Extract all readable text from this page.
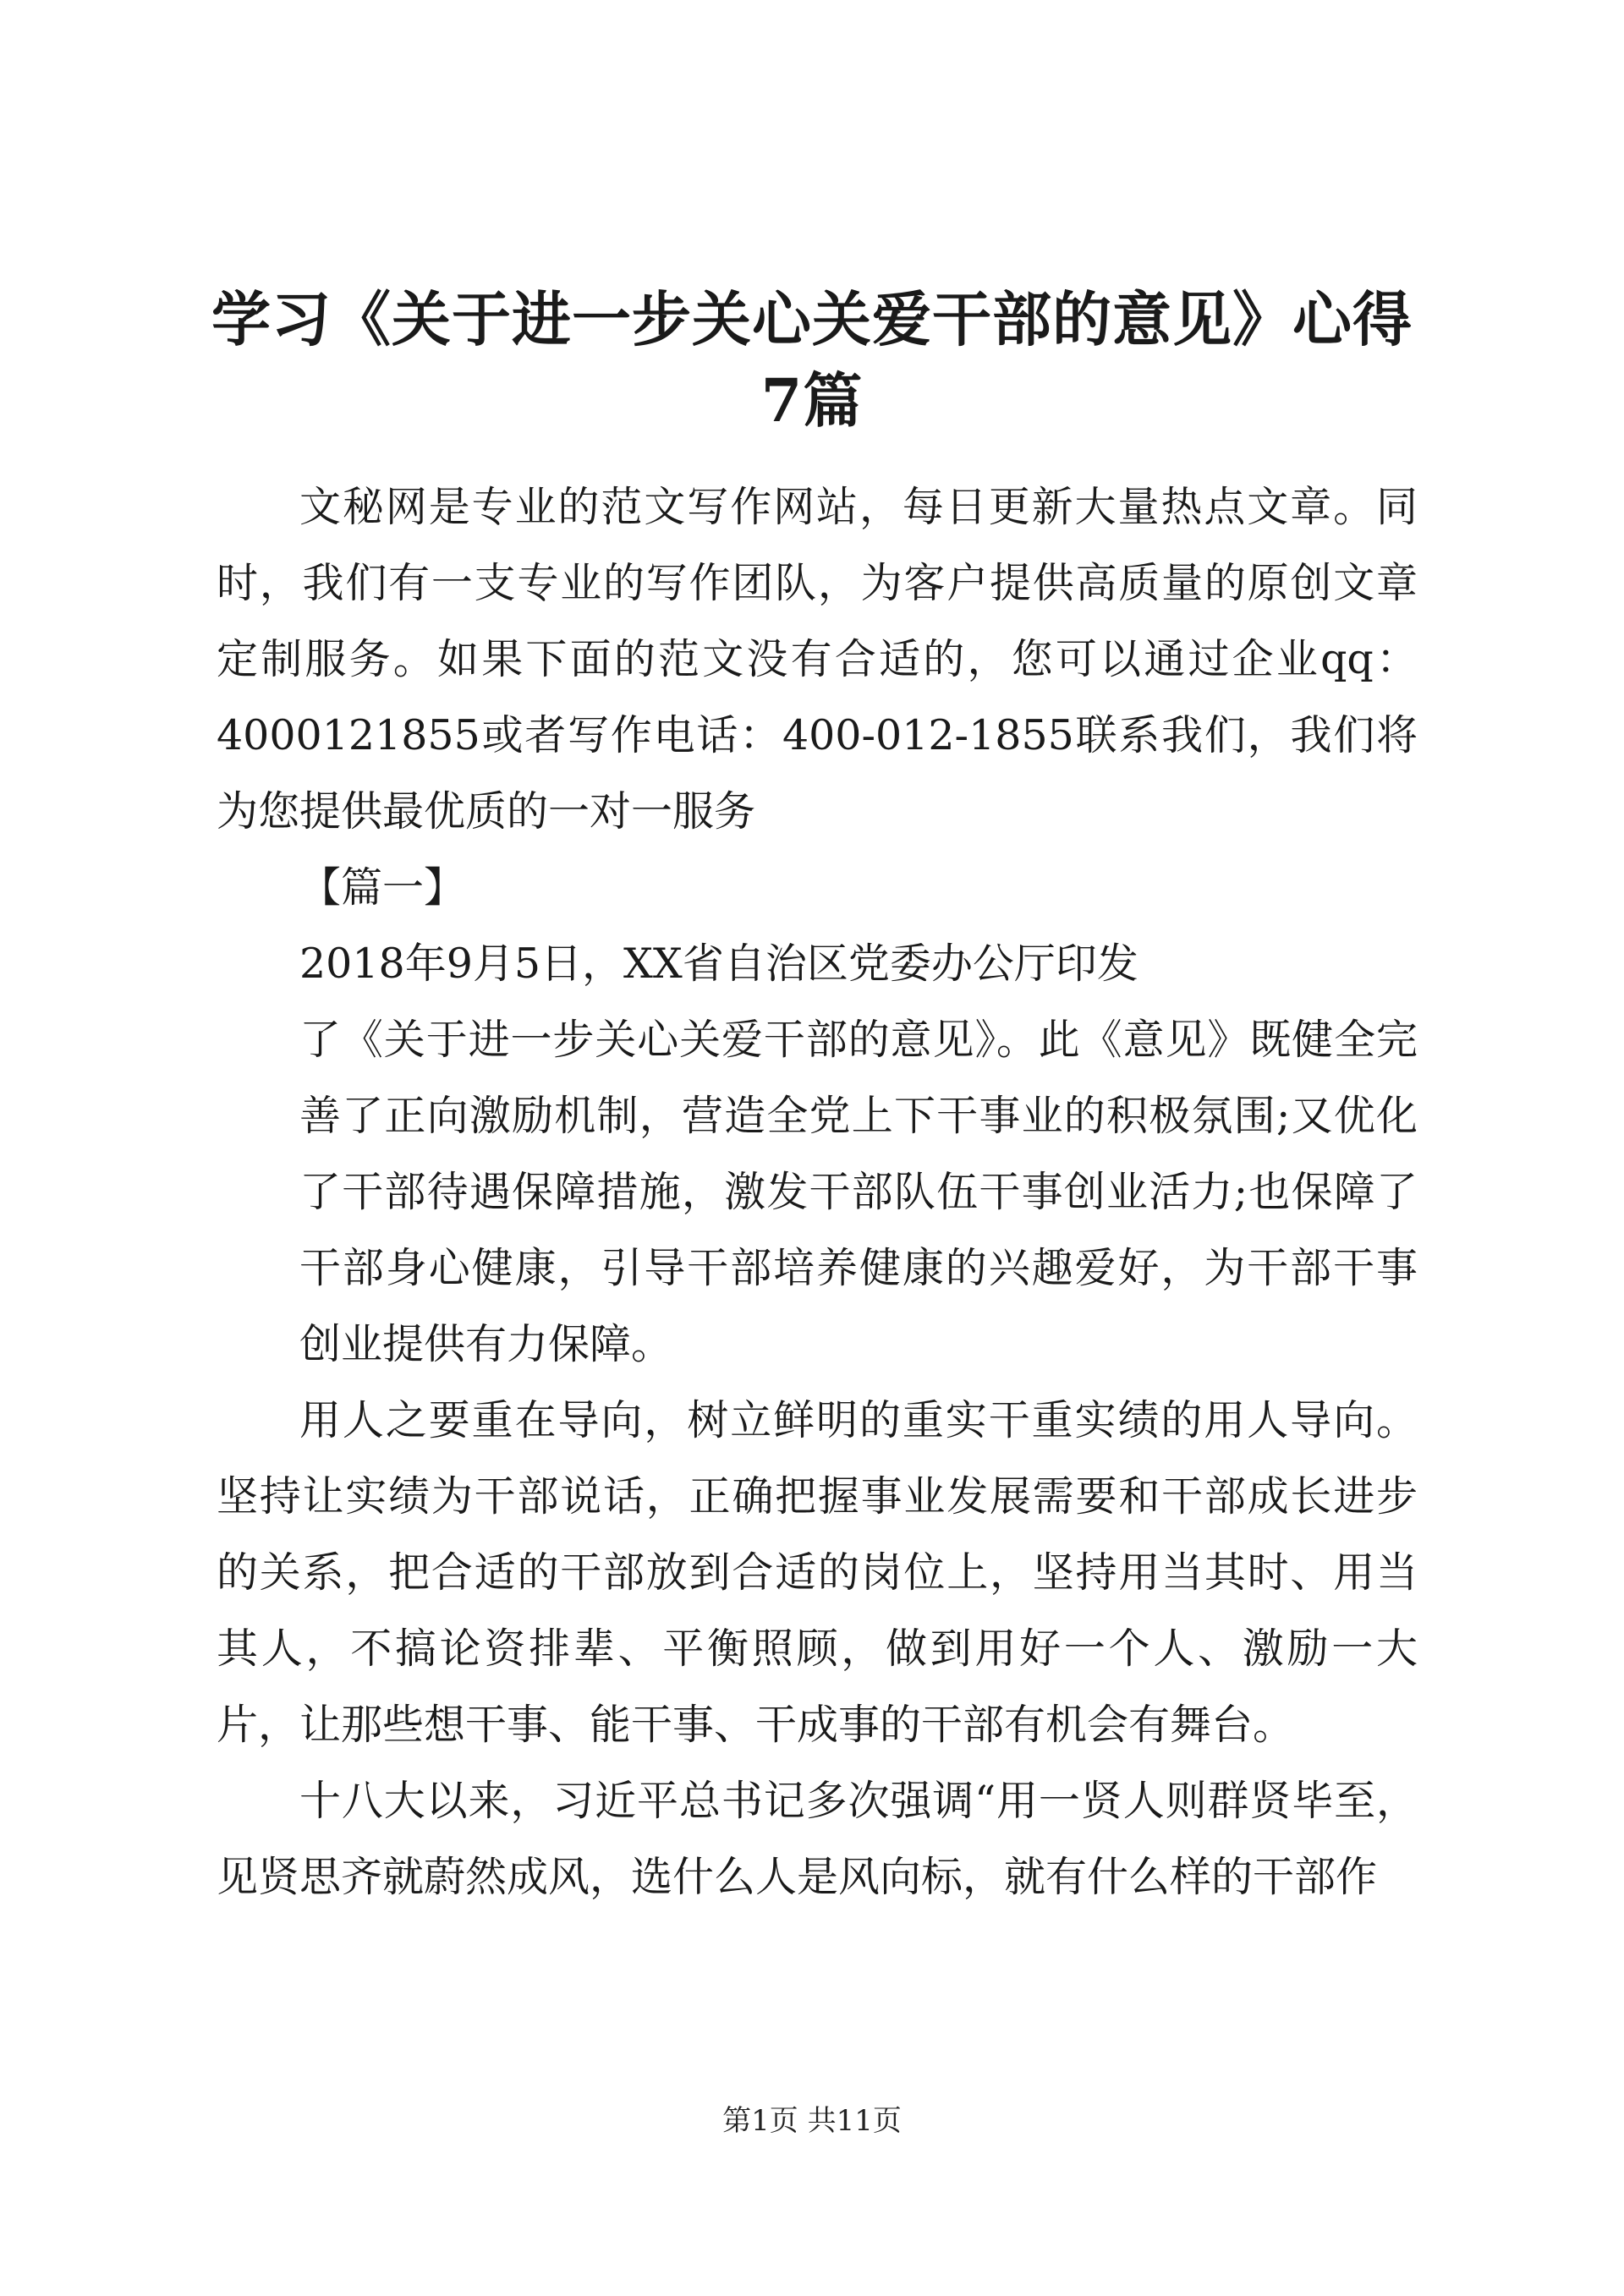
学习《关于进一步关心关爱干部的意见》心得7篇

文秘网是专业的范文写作网站，每日更新大量热点文章。同时，我们有一支专业的写作团队，为客户提供高质量的原创文章定制服务。如果下面的范文没有合适的，您可以通过企业qq：4000121855或者写作电话：400-012-1855联系我们，我们将为您提供最优质的一对一服务

【篇一】

2018年9月5日，XX省自治区党委办公厅印发

了《关于进一步关心关爱干部的意见》。此《意见》既健全完善了正向激励机制，营造全党上下干事业的积极氛围;又优化了干部待遇保障措施，激发干部队伍干事创业活力;也保障了干部身心健康，引导干部培养健康的兴趣爱好，为干部干事创业提供有力保障。

用人之要重在导向，树立鲜明的重实干重实绩的用人导向。坚持让实绩为干部说话，正确把握事业发展需要和干部成长进步的关系，把合适的干部放到合适的岗位上，坚持用当其时、用当其人，不搞论资排辈、平衡照顾，做到用好一个人、激励一大片，让那些想干事、能干事、干成事的干部有机会有舞台。

十八大以来，习近平总书记多次强调“用一贤人则群贤毕至，见贤思齐就蔚然成风，选什么人是风向标，就有什么样的干部作

第1页 共11页
